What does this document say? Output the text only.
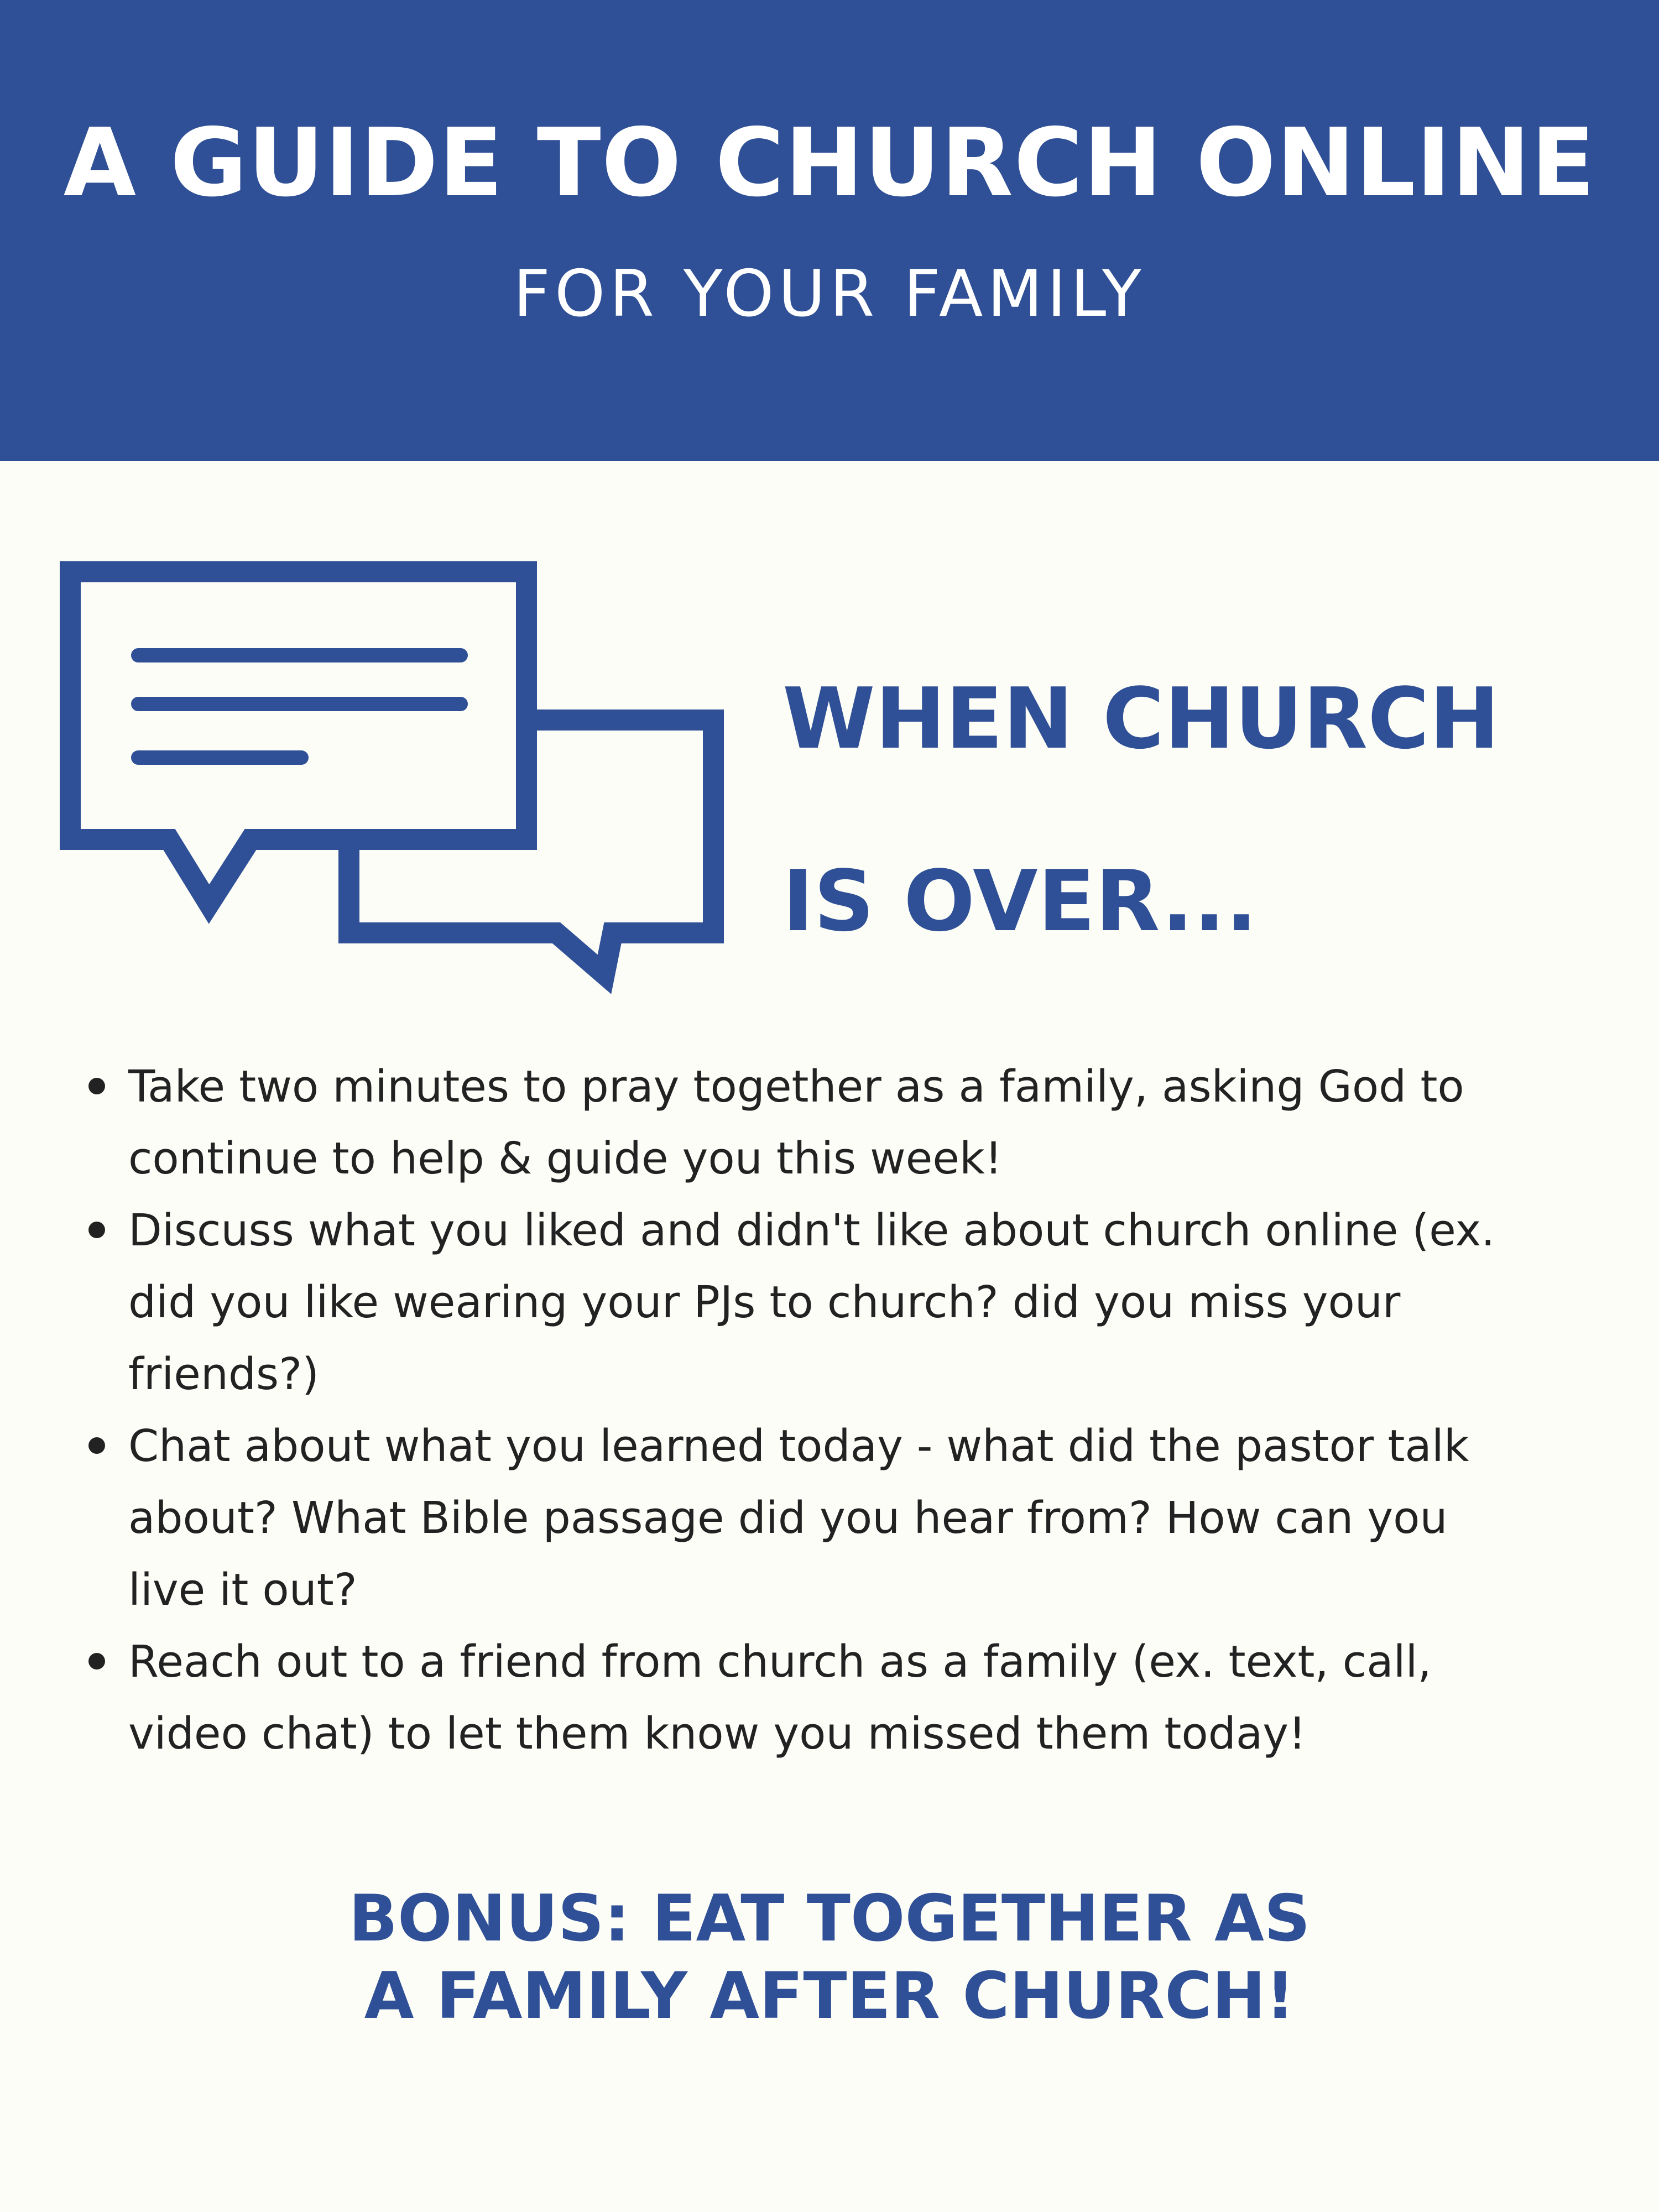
A GUIDE TO CHURCH ONLINE
FOR YOUR FAMILY
WHEN CHURCH
IS OVER...
Take two minutes to pray together as a family, asking God to continue to help & guide you this week!
Discuss what you liked and didn't like about church online (ex. did you like wearing your PJs to church? did you miss your friends?)
Chat about what you learned today - what did the pastor talk about? What Bible passage did you hear from? How can you live it out?
Reach out to a friend from church as a family (ex. text, call, video chat) to let them know you missed them today!
BONUS: EAT TOGETHER AS
A FAMILY AFTER CHURCH!
